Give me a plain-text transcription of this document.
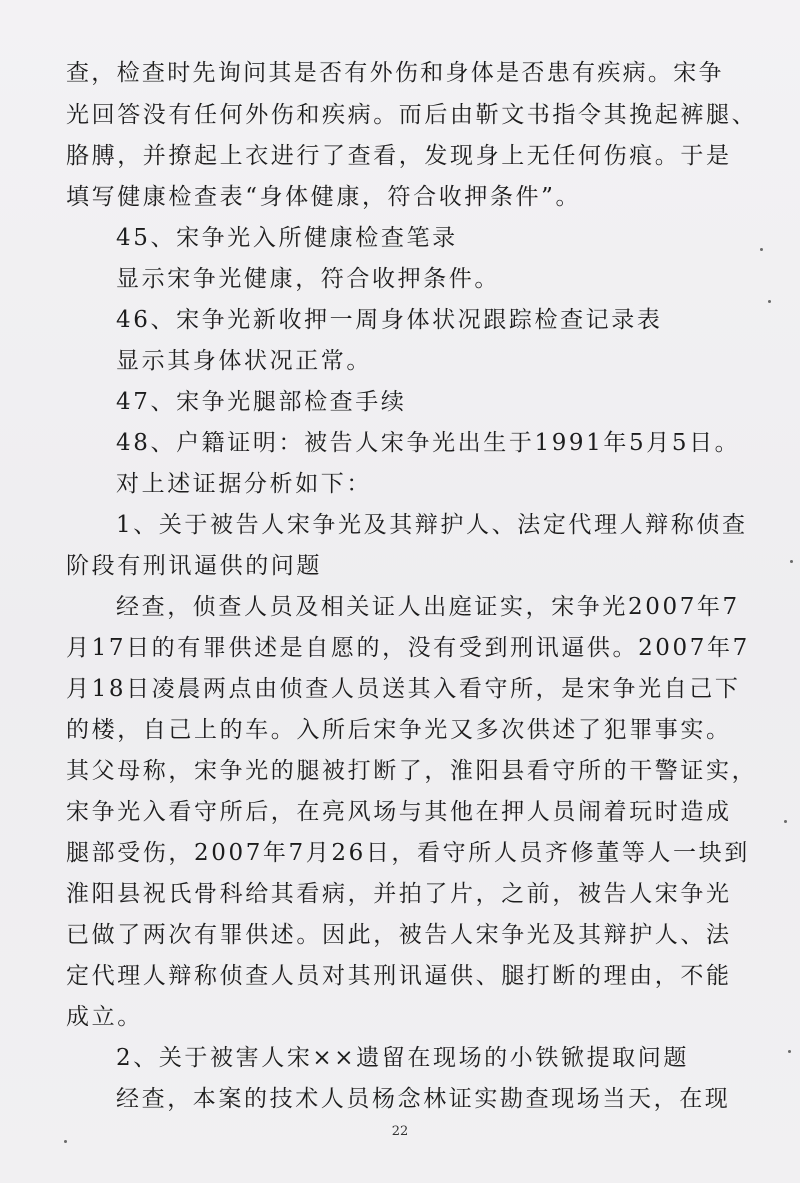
查，检查时先询问其是否有外伤和身体是否患有疾病。宋争
光回答没有任何外伤和疾病。而后由靳文书指令其挽起裤腿、
胳膊，并撩起上衣进行了查看，发现身上无任何伤痕。于是
填写健康检查表“身体健康，符合收押条件”。
45、宋争光入所健康检查笔录
显示宋争光健康，符合收押条件。
46、宋争光新收押一周身体状况跟踪检查记录表
显示其身体状况正常。
47、宋争光腿部检查手续
48、户籍证明：被告人宋争光出生于1991年5月5日。
对上述证据分析如下：
1、关于被告人宋争光及其辩护人、法定代理人辩称侦查
阶段有刑讯逼供的问题
经查，侦查人员及相关证人出庭证实，宋争光2007年7
月17日的有罪供述是自愿的，没有受到刑讯逼供。2007年7
月18日凌晨两点由侦查人员送其入看守所，是宋争光自己下
的楼，自己上的车。入所后宋争光又多次供述了犯罪事实。
其父母称，宋争光的腿被打断了，淮阳县看守所的干警证实，
宋争光入看守所后，在亮风场与其他在押人员闹着玩时造成
腿部受伤，2007年7月26日，看守所人员齐修董等人一块到
淮阳县祝氏骨科给其看病，并拍了片，之前，被告人宋争光
已做了两次有罪供述。因此，被告人宋争光及其辩护人、法
定代理人辩称侦查人员对其刑讯逼供、腿打断的理由，不能
成立。
2、关于被害人宋××遗留在现场的小铁锨提取问题
经查，本案的技术人员杨念林证实勘查现场当天，在现
22
